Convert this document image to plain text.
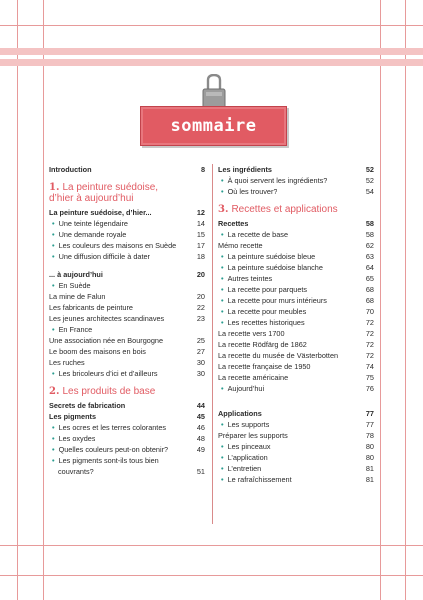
sommaire
Introduction	8
1. La peinture suédoise,
d’hier à aujourd’hui
La peinture suédoise, d’hier...	12
• Une teinte légendaire	14
• Une demande royale	15
• Les couleurs des maisons en Suède	17
• Une diffusion difficile à dater	18
... à aujourd’hui	20
• En Suède
La mine de Falun	20
Les fabricants de peinture	22
Les jeunes architectes scandinaves	23
• En France
Une association née en Bourgogne	25
Le boom des maisons en bois	27
Les ruches	30
• Les bricoleurs d’ici et d’ailleurs	30
2. Les produits de base
Secrets de fabrication	44
Les pigments	45
• Les ocres et les terres colorantes	46
• Les oxydes	48
• Quelles couleurs peut-on obtenir?	49
• Les pigments sont-ils tous bien
couvrants?	51
Les ingrédients	52
• À quoi servent les ingrédients?	52
• Où les trouver?	54
3. Recettes et applications
Recettes	58
• La recette de base	58
Mémo recette	62
• La peinture suédoise bleue	63
• La peinture suédoise blanche	64
• Autres teintes	65
• La recette pour parquets	68
• La recette pour murs intérieurs	68
• La recette pour meubles	70
• Les recettes historiques	72
La recette vers 1700	72
La recette Rödfärg de 1862	72
La recette du musée de Västerbotten	72
La recette française de 1950	74
La recette américaine	75
• Aujourd’hui	76
Applications	77
• Les supports	77
Préparer les supports	78
• Les pinceaux	80
• L’application	80
• L’entretien	81
• Le rafraîchissement	81
